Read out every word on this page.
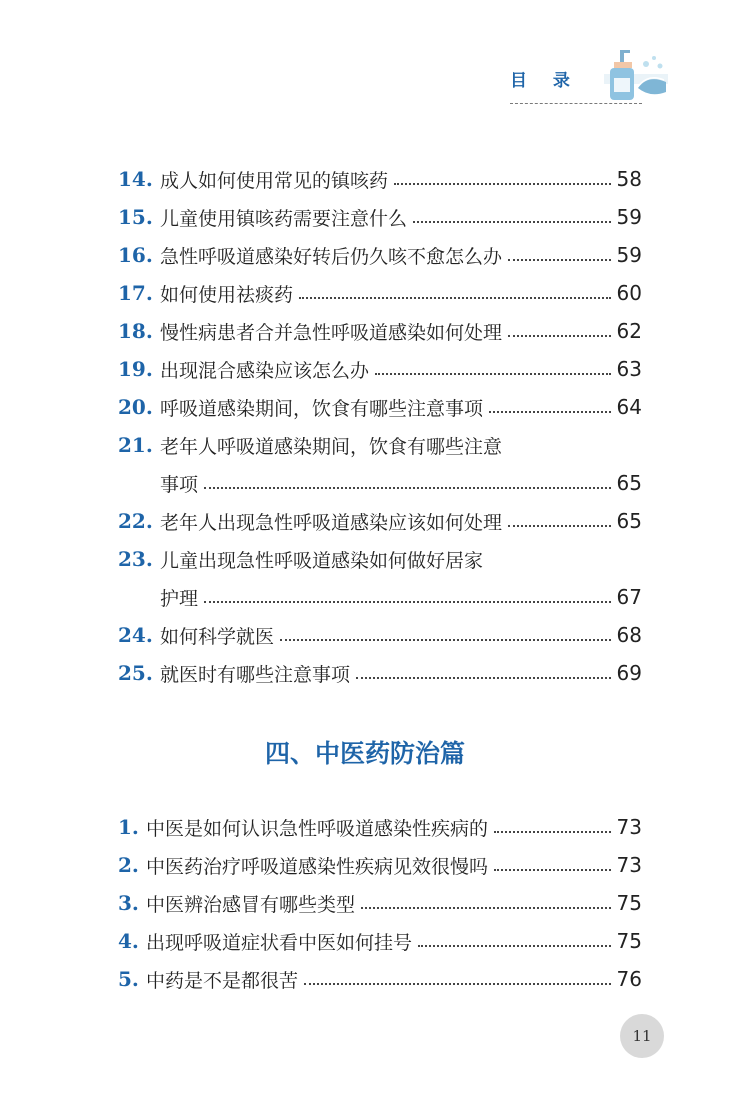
目 录
14. 成人如何使用常见的镇咳药	58
15. 儿童使用镇咳药需要注意什么	59
16. 急性呼吸道感染好转后仍久咳不愈怎么办	59
17. 如何使用祛痰药	60
18. 慢性病患者合并急性呼吸道感染如何处理	62
19. 出现混合感染应该怎么办	63
20. 呼吸道感染期间，饮食有哪些注意事项	64
21. 老年人呼吸道感染期间，饮食有哪些注意
事项	65
22. 老年人出现急性呼吸道感染应该如何处理	65
23. 儿童出现急性呼吸道感染如何做好居家
护理	67
24. 如何科学就医	68
25. 就医时有哪些注意事项	69
四、中医药防治篇
1. 中医是如何认识急性呼吸道感染性疾病的	73
2. 中医药治疗呼吸道感染性疾病见效很慢吗	73
3. 中医辨治感冒有哪些类型	75
4. 出现呼吸道症状看中医如何挂号	75
5. 中药是不是都很苦	76
11
